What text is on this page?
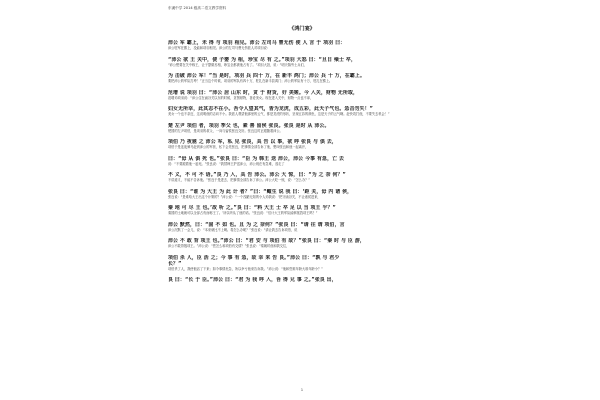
东溪中学 2014 级高二语文教学资料
《鸿门宴》
沛公 军 霸上，未 得 与 项羽 相见。沛公 左司马 曹无伤 使 人 言 于 项羽 曰：
沛公驻军在霸上，没能和项羽相见。沛公的左司马曹无伤派人对项羽说：
“沛公 欲 王 关中，使 子婴 为 相，珍宝 尽 有 之。”项羽 大怒 曰：“旦日 飨士 卒，
“沛公想要在关中称王，让子婴做丞相，珍宝全都被他占有了。”项羽大怒，说：“明天犒劳士兵们，
为 击破 沛公 军！”当 是时，项羽 兵 四十 万，在 新丰 鸿门；沛公 兵 十 万，在霸上。
要把沛公的军队打垮！”正当这个时候，项羽的军队有四十万，驻扎在新丰县鸿门；沛公的军队有十万，驻扎在霸上。
范增 说 项羽 曰：“沛公 居 山东 时，贪 于 财货，好 美姬。今 入关，财物 无所取，
范增劝项羽说：“沛公住在函谷关以东的时候，贪图财物，喜爱美女。现在进入关中，财物一点也不拿，
妇女无所幸，此其志不在小。吾令人望其气，皆为龙虎，成五彩，此天子气也。急击勿失！”
美女一个也不亲近，这说明他的志向不小。我派人观望他那里的云气，都是龙虎的形状，呈现五彩的颜色，这是天子的云气啊。赶快攻打他，不要失去机会！”
楚 左尹 项伯 者，项羽 季父 也，素 善 留侯 张良。张良 是时 从 沛公。
楚国的左尹项伯，是项羽的叔父，一向与留侯张良交好。张良这时正跟随着沛公。
项伯 乃 夜驰 之 沛公 军，私 见 张良，具 告 以 事，欲 呼 张良 与 俱 去，
项伯于是连夜骑马赶到沛公的军营，私下会见张良，把事情全部告诉了他，想叫张良和他一起离开，
曰：“毋 从 俱 死 也。”张良 曰：“臣 为 韩王 送 沛公，沛公 今事 有急，亡 去
说：“不要跟着他一起死。”张良说：“我替韩王护送沛公，沛公现在有急难，逃走了
不 义，不 可 不 语。”良 乃 入，具 告 沛公。沛公 大 惊，曰：“为 之 奈 何？”
不讲道义，不能不告诉他。”张良于是进去，把事情全部告诉了沛公。沛公大吃一惊，说：“怎么办？”
张良 曰：“谁 为 大王 为 此 计 者？”曰：“鲰生 说 我 曰：‘距 关，毋 内 诸 侯，
张良说：“是谁给大王出这个计策的？”沛公说：“一个浅陋无知的小人劝我说：‘把守函谷关，不让诸侯进来，
秦 地 可 尽 王 也。’故 听 之。”良 曰：“料 大王 士 卒 足 以 当 项王 乎？”
秦国的土地就可以全部占有而称王了。’所以听从了他的话。”张良说：“估计大王的军队能够抵挡项王吗？”
沛公 默然，曰：“固 不 如 也。且 为 之 奈何？”张良 曰：“请 往 谓 项伯，言
沛公沉默了一会儿，说：“本来就比不上啊。将怎么办呢？”张良说：“请让我去告诉项伯，说
沛公 不 敢 背 项王 也。”沛公 曰：“君 安 与 项伯 有 故？”张良 曰：“秦 时 与 臣 游，
沛公不敢背叛项王。”沛公说：“您怎么和项伯有交情？”张良说：“秦朝时他和我交往，
项伯 杀 人，臣 活 之；今 事 有 急，故 幸 来 告 良。”沛公 曰：“孰 与 君少
长？”
项伯杀了人，我使他活了下来；如今事情危急，所以幸亏他来告诉我。”沛公说：“他和您谁年龄大谁年龄小？”
良 曰：“长 于 臣。”沛公 曰：“君 为 我 呼 入，吾 得 兄 事 之。”张良 出，
1
